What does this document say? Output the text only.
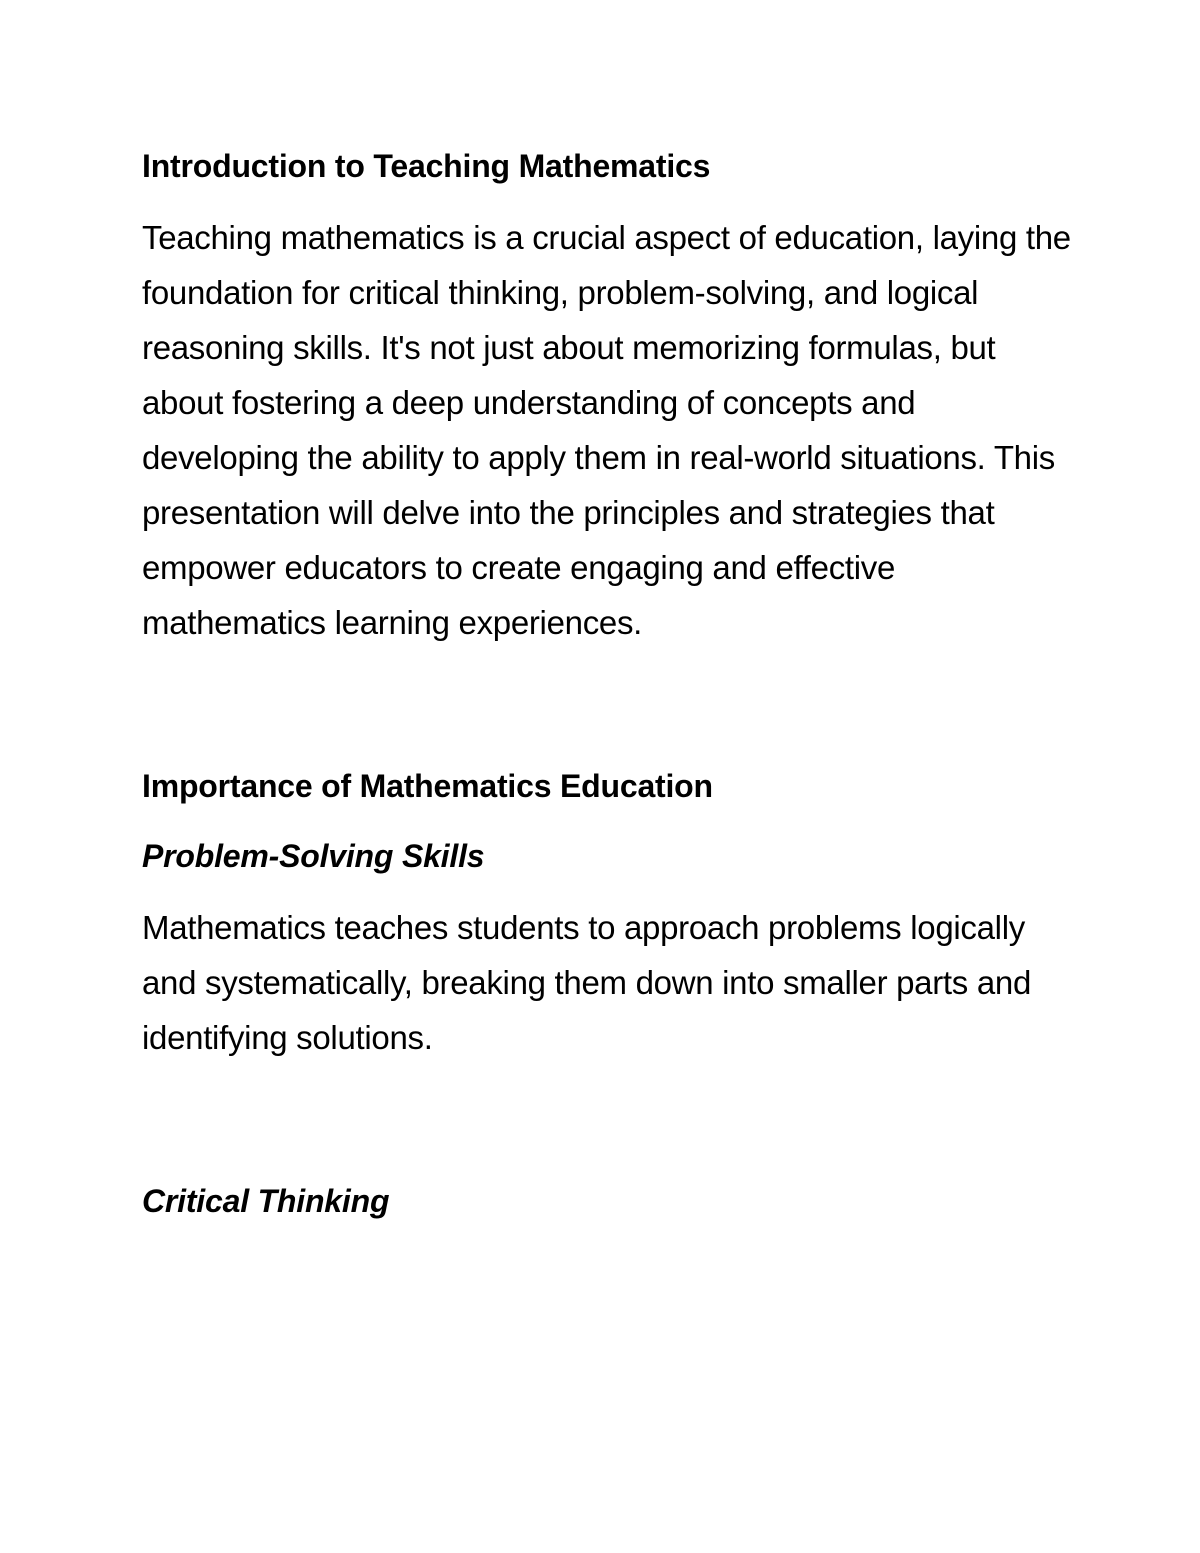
Introduction to Teaching Mathematics

Teaching mathematics is a crucial aspect of education, laying the foundation for critical thinking, problem-solving, and logical reasoning skills. It's not just about memorizing formulas, but about fostering a deep understanding of concepts and developing the ability to apply them in real-world situations. This presentation will delve into the principles and strategies that empower educators to create engaging and effective mathematics learning experiences.

Importance of Mathematics Education
Problem-Solving Skills

Mathematics teaches students to approach problems logically and systematically, breaking them down into smaller parts and identifying solutions.

Critical Thinking
